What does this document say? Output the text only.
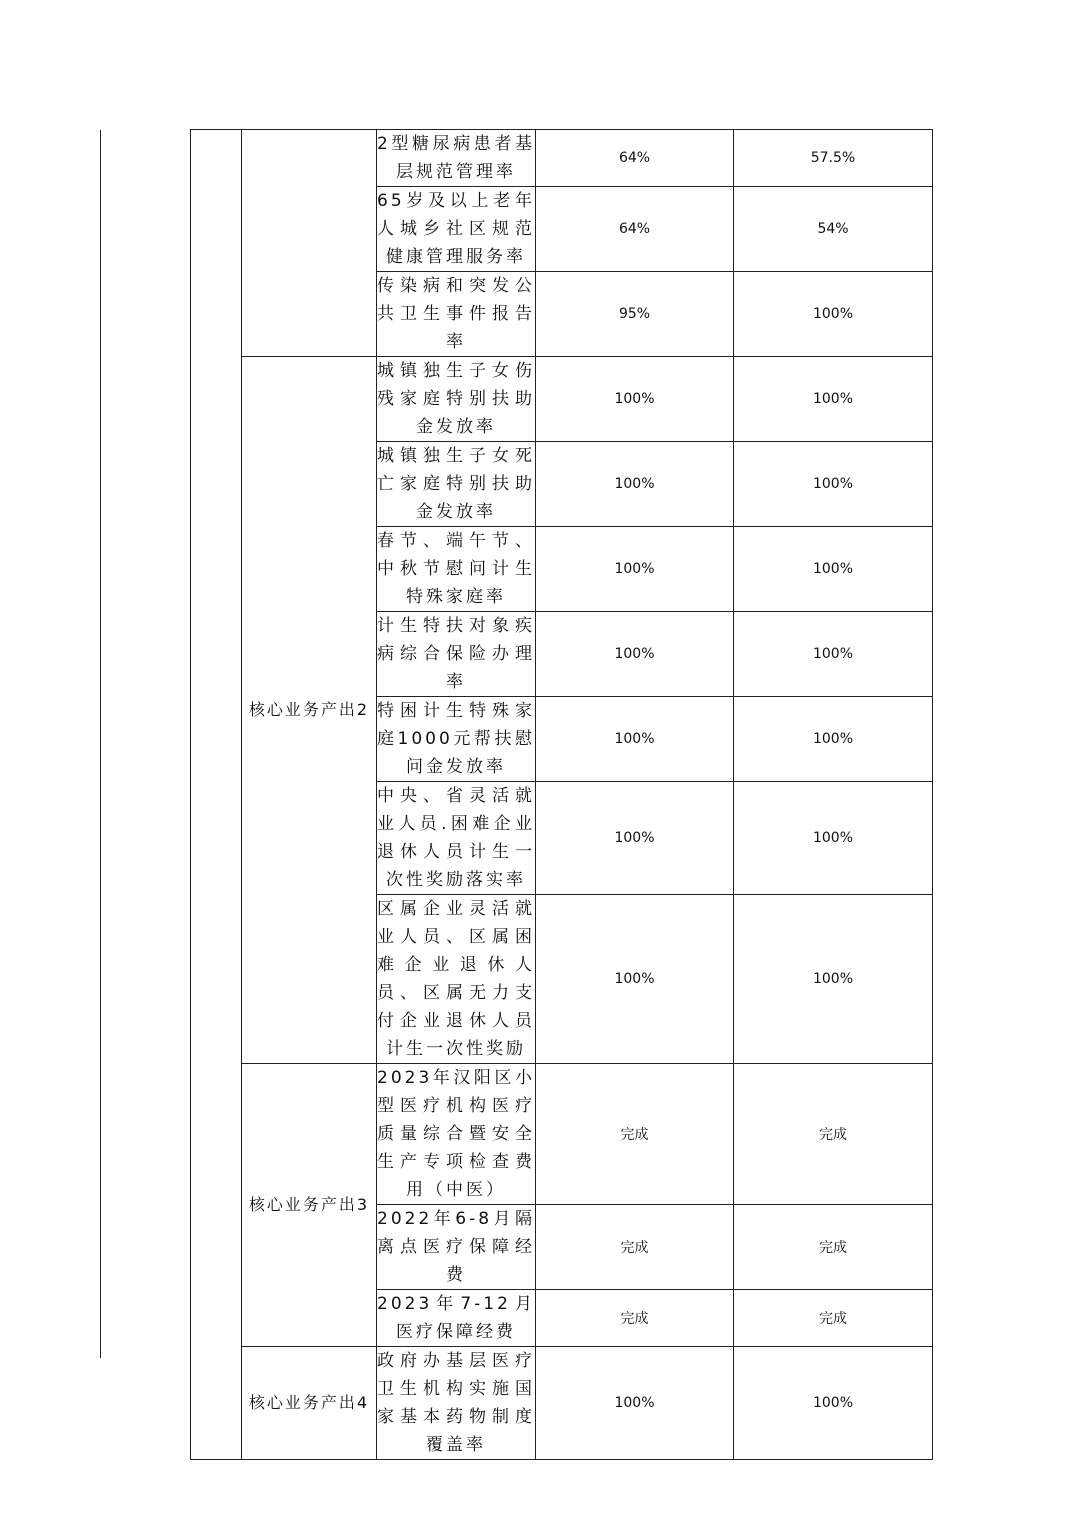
		2型糖尿病患者基层规范管理率	64%	57.5%
		65岁及以上老年人城乡社区规范健康管理服务率	64%	54%
		传染病和突发公共卫生事件报告率	95%	100%
	核心业务产出2	城镇独生子女伤残家庭特别扶助金发放率	100%	100%
		城镇独生子女死亡家庭特别扶助金发放率	100%	100%
		春节、端午节、中秋节慰问计生特殊家庭率	100%	100%
		计生特扶对象疾病综合保险办理率	100%	100%
		特困计生特殊家庭1000元帮扶慰问金发放率	100%	100%
		中央、省灵活就业人员.困难企业退休人员计生一次性奖励落实率	100%	100%
		区属企业灵活就业人员、区属困难企业退休人员、区属无力支付企业退休人员计生一次性奖励	100%	100%
	核心业务产出3	2023年汉阳区小型医疗机构医疗质量综合暨安全生产专项检查费用（中医）	完成	完成
		2022年6-8月隔离点医疗保障经费	完成	完成
		2023年7-12月医疗保障经费	完成	完成
	核心业务产出4	政府办基层医疗卫生机构实施国家基本药物制度覆盖率	100%	100%
